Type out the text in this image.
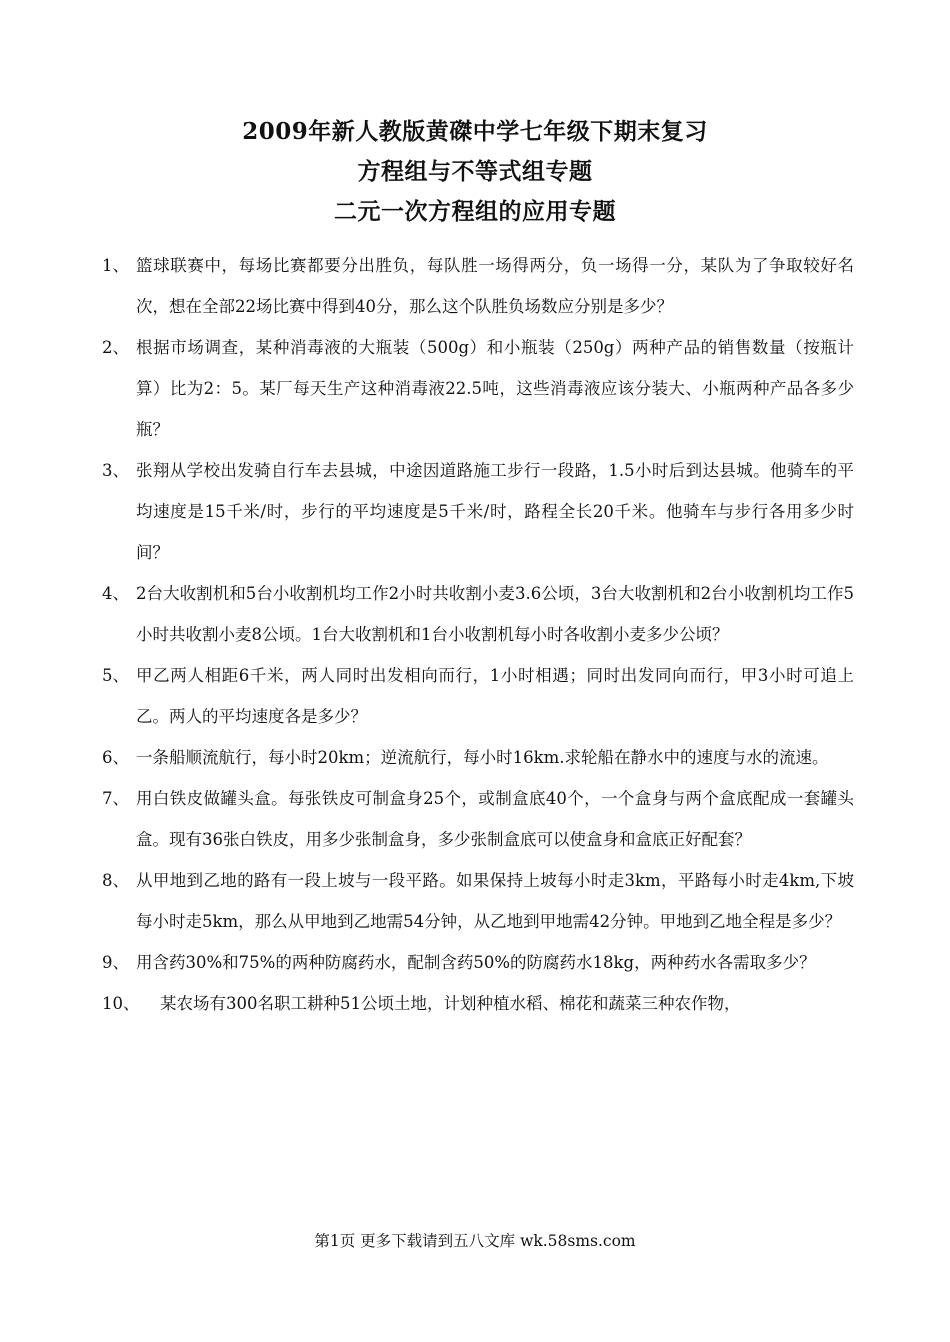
2009年新人教版黄磔中学七年级下期末复习
方程组与不等式组专题
二元一次方程组的应用专题
1、 篮球联赛中，每场比赛都要分出胜负，每队胜一场得两分，负一场得一分，某队为了争取较好名次，想在全部22场比赛中得到40分，那么这个队胜负场数应分别是多少？
2、 根据市场调查，某种消毒液的大瓶装（500g）和小瓶装（250g）两种产品的销售数量（按瓶计算）比为2：5。某厂每天生产这种消毒液22.5吨，这些消毒液应该分装大、小瓶两种产品各多少瓶？
3、 张翔从学校出发骑自行车去县城，中途因道路施工步行一段路，1.5小时后到达县城。他骑车的平均速度是15千米/时，步行的平均速度是5千米/时，路程全长20千米。他骑车与步行各用多少时间？
4、 2台大收割机和5台小收割机均工作2小时共收割小麦3.6公顷，3台大收割机和2台小收割机均工作5小时共收割小麦8公顷。1台大收割机和1台小收割机每小时各收割小麦多少公顷？
5、 甲乙两人相距6千米，两人同时出发相向而行，1小时相遇；同时出发同向而行，甲3小时可追上乙。两人的平均速度各是多少？
6、 一条船顺流航行，每小时20km；逆流航行，每小时16km.求轮船在静水中的速度与水的流速。
7、 用白铁皮做罐头盒。每张铁皮可制盒身25个，或制盒底40个，一个盒身与两个盒底配成一套罐头盒。现有36张白铁皮，用多少张制盒身，多少张制盒底可以使盒身和盒底正好配套？
8、 从甲地到乙地的路有一段上坡与一段平路。如果保持上坡每小时走3km，平路每小时走4km,下坡每小时走5km，那么从甲地到乙地需54分钟，从乙地到甲地需42分钟。甲地到乙地全程是多少？
9、 用含药30%和75%的两种防腐药水，配制含药50%的防腐药水18kg，两种药水各需取多少？
10、	某农场有300名职工耕种51公顷土地，计划种植水稻、棉花和蔬菜三种农作物，
第1页 更多下载请到五八文库 wk.58sms.com
